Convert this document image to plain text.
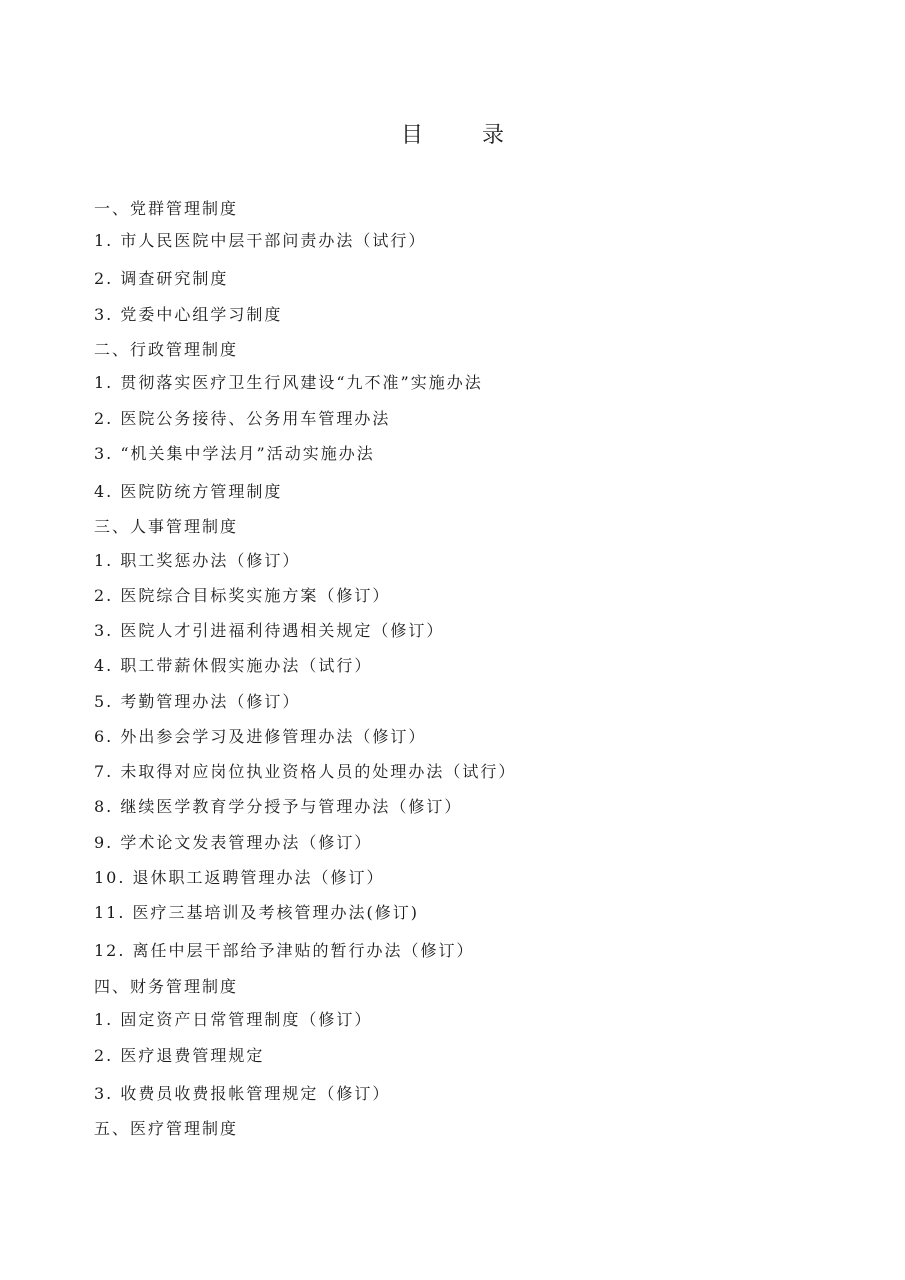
目 录
一、党群管理制度
1. 市人民医院中层干部问责办法（试行）
2. 调查研究制度
3. 党委中心组学习制度
二、行政管理制度
1. 贯彻落实医疗卫生行风建设“九不准”实施办法
2. 医院公务接待、公务用车管理办法
3. “机关集中学法月”活动实施办法
4. 医院防统方管理制度
三、人事管理制度
1. 职工奖惩办法（修订）
2. 医院综合目标奖实施方案（修订）
3. 医院人才引进福利待遇相关规定（修订）
4. 职工带薪休假实施办法（试行）
5. 考勤管理办法（修订）
6. 外出参会学习及进修管理办法（修订）
7. 未取得对应岗位执业资格人员的处理办法（试行）
8. 继续医学教育学分授予与管理办法（修订）
9. 学术论文发表管理办法（修订）
10. 退休职工返聘管理办法（修订）
11. 医疗三基培训及考核管理办法(修订)
12. 离任中层干部给予津贴的暂行办法（修订）
四、财务管理制度
1. 固定资产日常管理制度（修订）
2. 医疗退费管理规定
3. 收费员收费报帐管理规定（修订）
五、医疗管理制度
